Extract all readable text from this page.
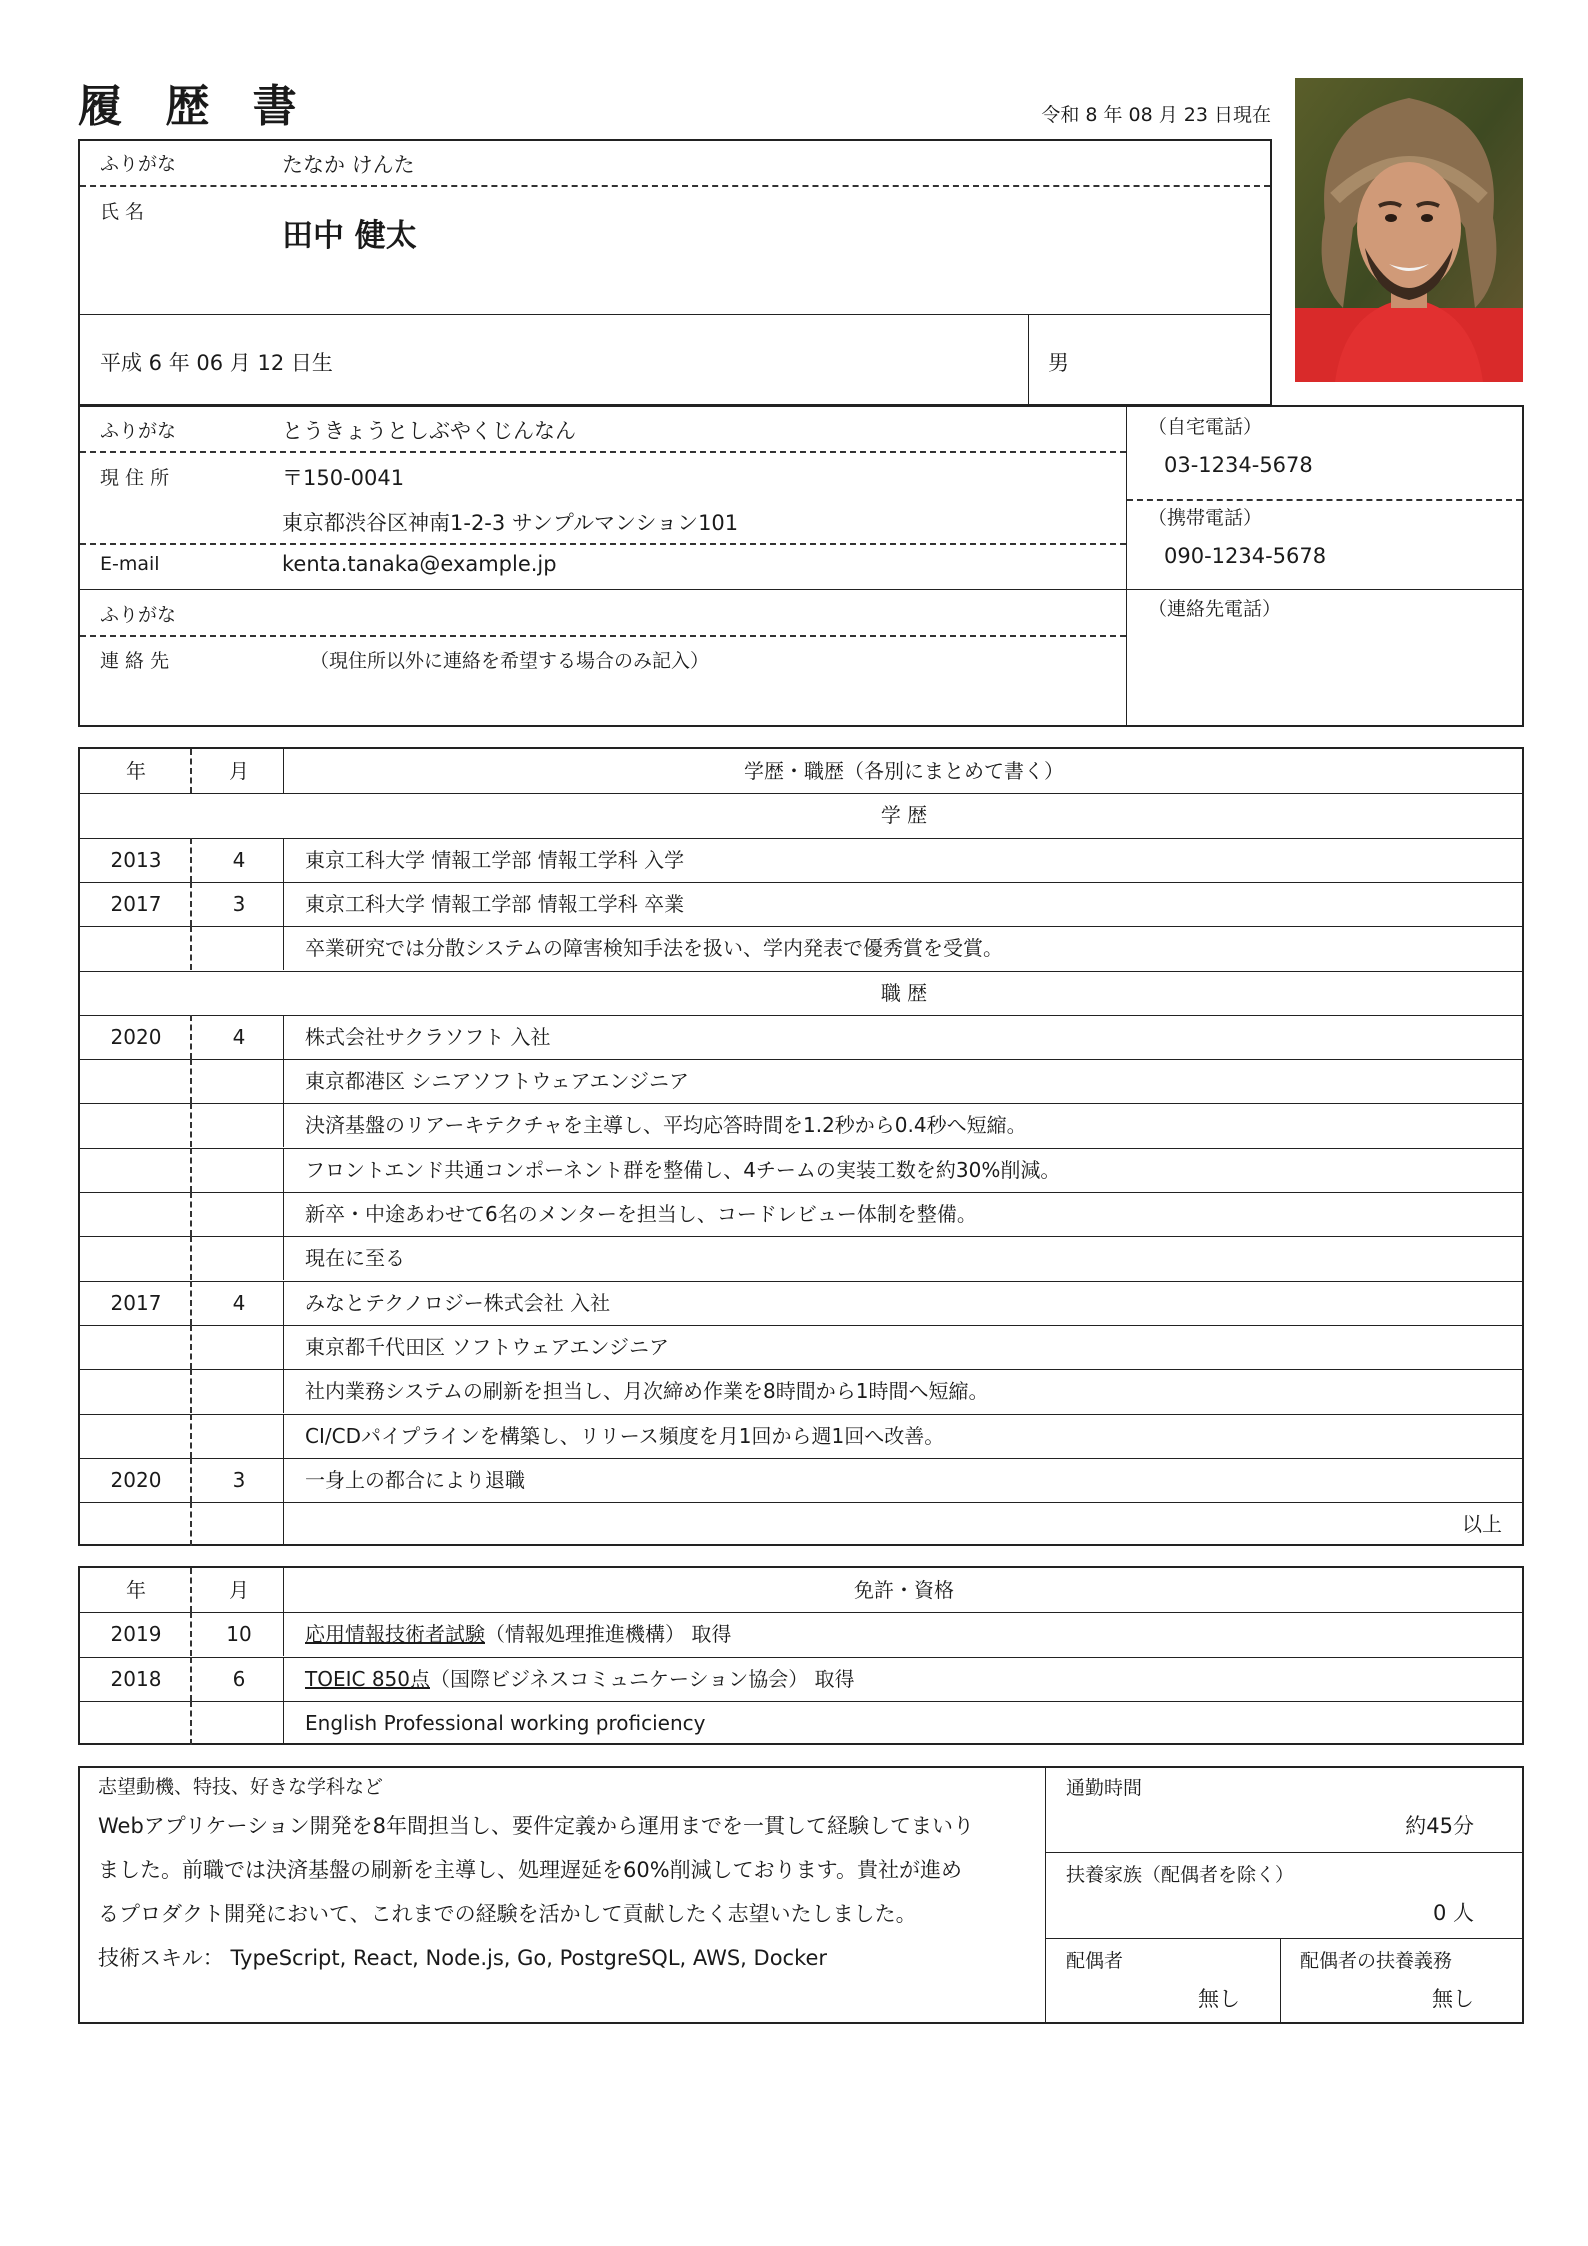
履 歴 書	令和 8 年 08 月 23 日現在
ふりがな	たなか けんた
氏 名
田中 健太
平成 6 年 06 月 12 日生	男
ふりがな	とうきょうとしぶやくじんなん
現 住 所	〒150-0041
東京都渋谷区神南1-2-3 サンプルマンション101
E-mail	kenta.tanaka@example.jp
ふりがな
連 絡 先	（現住所以外に連絡を希望する場合のみ記入）
（自宅電話）
03-1234-5678
（携帯電話）
090-1234-5678
（連絡先電話）
年	月	学歴・職歴（各別にまとめて書く）
学 歴
2013	4	東京工科大学 情報工学部 情報工学科 入学
2017	3	東京工科大学 情報工学部 情報工学科 卒業
卒業研究では分散システムの障害検知手法を扱い、学内発表で優秀賞を受賞。
職 歴
2020	4	株式会社サクラソフト 入社
東京都港区 シニアソフトウェアエンジニア
決済基盤のリアーキテクチャを主導し、平均応答時間を1.2秒から0.4秒へ短縮。
フロントエンド共通コンポーネント群を整備し、4チームの実装工数を約30%削減。
新卒・中途あわせて6名のメンターを担当し、コードレビュー体制を整備。
現在に至る
2017	4	みなとテクノロジー株式会社 入社
東京都千代田区 ソフトウェアエンジニア
社内業務システムの刷新を担当し、月次締め作業を8時間から1時間へ短縮。
CI/CDパイプラインを構築し、リリース頻度を月1回から週1回へ改善。
2020	3	一身上の都合により退職
以上
年	月	免許・資格
2019	10	応用情報技術者試験（情報処理推進機構） 取得
2018	6	TOEIC 850点（国際ビジネスコミュニケーション協会） 取得
English Professional working proficiency
志望動機、特技、好きな学科など
Webアプリケーション開発を8年間担当し、要件定義から運用までを一貫して経験してまいり
ました。前職では決済基盤の刷新を主導し、処理遅延を60%削減しております。貴社が進め
るプロダクト開発において、これまでの経験を活かして貢献したく志望いたしました。
技術スキル： TypeScript, React, Node.js, Go, PostgreSQL, AWS, Docker
通勤時間
約45分
扶養家族（配偶者を除く）
0 人
配偶者
無し
配偶者の扶養義務
無し
